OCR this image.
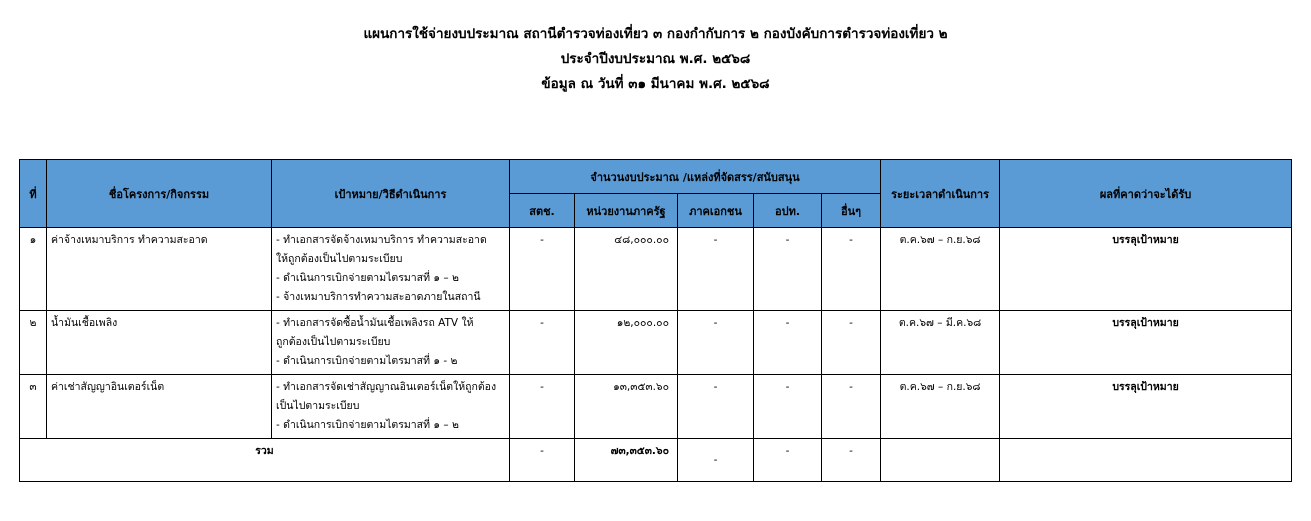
แผนการใช้จ่ายงบประมาณ สถานีตำรวจท่องเที่ยว ๓ กองกำกับการ ๒ กองบังคับการตำรวจท่องเที่ยว ๒
ประจำปีงบประมาณ พ.ศ. ๒๕๖๘
ข้อมูล ณ วันที่ ๓๑ มีนาคม พ.ศ. ๒๕๖๘
ที่	ชื่อโครงการ/กิจกรรม	เป้าหมาย/วิธีดำเนินการ	จำนวนงบประมาณ /แหล่งที่จัดสรร/สนับสนุน					ระยะเวลาดำเนินการ	ผลที่คาดว่าจะได้รับ
			สตช.	หน่วยงานภาครัฐ	ภาคเอกชน	อปท.	อื่นๆ		
๑	ค่าจ้างเหมาบริการ ทำความสะอาด	- ทำเอกสารจัดจ้างเหมาบริการ ทำความสะอาด
ให้ถูกต้องเป็นไปตามระเบียบ
- ดำเนินการเบิกจ่ายตามไตรมาสที่ ๑ – ๒
- จ้างเหมาบริการทำความสะอาดภายในสถานี	-	๔๘,๐๐๐.๐๐	-	-	-	ต.ค.๖๗ – ก.ย.๖๘	บรรลุเป้าหมาย
๒	น้ำมันเชื้อเพลิง	- ทำเอกสารจัดซื้อน้ำมันเชื้อเพลิงรถ ATV ให้
ถูกต้องเป็นไปตามระเบียบ
- ดำเนินการเบิกจ่ายตามไตรมาสที่ ๑ - ๒	-	๑๒,๐๐๐.๐๐	-	-	-	ต.ค.๖๗ – มี.ค.๖๘	บรรลุเป้าหมาย
๓	ค่าเช่าสัญญาอินเตอร์เน็ต	- ทำเอกสารจัดเช่าสัญญาณอินเตอร์เน็ตให้ถูกต้อง
เป็นไปตามระเบียบ
- ดำเนินการเบิกจ่ายตามไตรมาสที่ ๑ – ๒	-	๑๓,๓๕๓.๖๐	-	-	-	ต.ค.๖๗ – ก.ย.๖๘	บรรลุเป้าหมาย
รวม			-	๗๓,๓๕๓.๖๐	-	-	-		
